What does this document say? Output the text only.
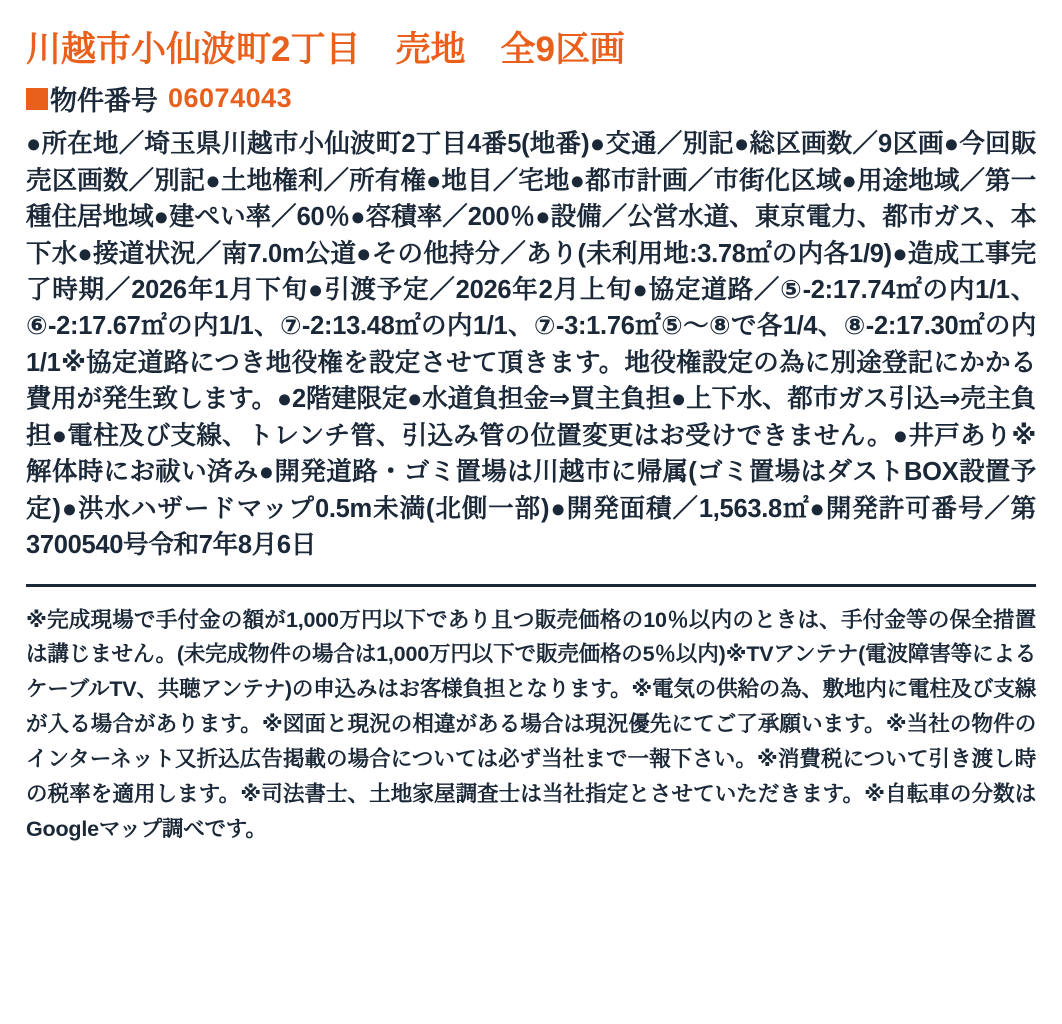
川越市小仙波町2丁目　売地　全9区画
物件番号 06074043
●所在地／埼玉県川越市小仙波町2丁目4番5(地番)●交通／別記●総区画数／9区画●今回販売区画数／別記●土地権利／所有権●地目／宅地●都市計画／市街化区域●用途地域／第一種住居地域●建ぺい率／60％●容積率／200％●設備／公営水道、東京電力、都市ガス、本下水●接道状況／南7.0m公道●その他持分／あり(未利用地:3.78㎡の内各1/9)●造成工事完了時期／2026年1月下旬●引渡予定／2026年2月上旬●協定道路／⑤-2:17.74㎡の内1/1、⑥-2:17.67㎡の内1/1、⑦-2:13.48㎡の内1/1、⑦-3:1.76㎡⑤〜⑧で各1/4、⑧-2:17.30㎡の内1/1※協定道路につき地役権を設定させて頂きます。地役権設定の為に別途登記にかかる費用が発生致します。●2階建限定●水道負担金⇒買主負担●上下水、都市ガス引込⇒売主負担●電柱及び支線、トレンチ管、引込み管の位置変更はお受けできません。●井戸あり※解体時にお祓い済み●開発道路・ゴミ置場は川越市に帰属(ゴミ置場はダストBOX設置予定)●洪水ハザードマップ0.5m未満(北側一部)●開発面積／1,563.8㎡●開発許可番号／第3700540号令和7年8月6日
※完成現場で手付金の額が1,000万円以下であり且つ販売価格の10％以内のときは、手付金等の保全措置は講じません。(未完成物件の場合は1,000万円以下で販売価格の5％以内)※TVアンテナ(電波障害等によるケーブルTV、共聴アンテナ)の申込みはお客様負担となります。※電気の供給の為、敷地内に電柱及び支線が入る場合があります。※図面と現況の相違がある場合は現況優先にてご了承願います。※当社の物件のインターネット又折込広告掲載の場合については必ず当社まで一報下さい。※消費税について引き渡し時の税率を適用します。※司法書士、土地家屋調査士は当社指定とさせていただきます。※自転車の分数はGoogleマップ調べです。
